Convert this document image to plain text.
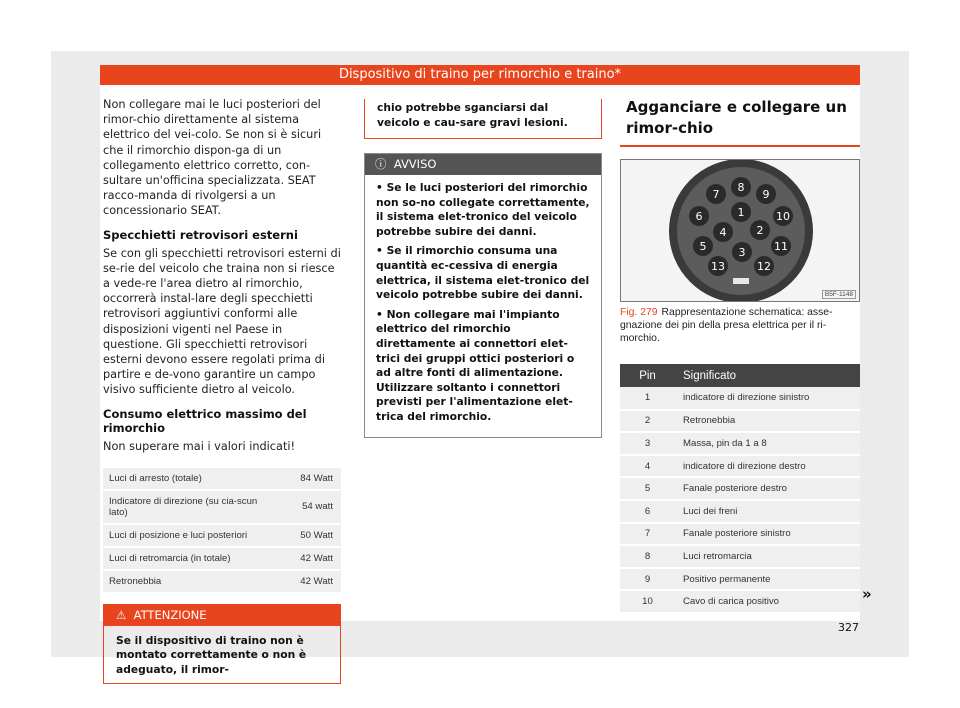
Dispositivo di traino per rimorchio e traino*

Non collegare mai le luci posteriori del rimor-chio direttamente al sistema elettrico del vei-colo. Se non si è sicuri che il rimorchio dispon-ga di un collegamento elettrico corretto, con-sultare un'officina specializzata. SEAT racco-manda di rivolgersi a un concessionario SEAT.

Specchietti retrovisori esterni

Se con gli specchietti retrovisori esterni di se-rie del veicolo che traina non si riesce a vede-re l'area dietro al rimorchio, occorrerà instal-lare degli specchietti retrovisori aggiuntivi conformi alle disposizioni vigenti nel Paese in questione. Gli specchietti retrovisori esterni devono essere regolati prima di partire e de-vono garantire un campo visivo sufficiente dietro al veicolo.

Consumo elettrico massimo del rimorchio

Non superare mai i valori indicati!

Luci di arresto (totale)	84 Watt
Indicatore di direzione (su cia-scun lato)	54 watt
Luci di posizione e luci posteriori	50 Watt
Luci di retromarcia (in totale)	42 Watt
Retronebbia	42 Watt
⚠ ATTENZIONE
Se il dispositivo di traino non è montato correttamente o non è adeguato, il rimor-
chio potrebbe sganciarsi dal veicolo e cau-sare gravi lesioni.
ⓘ AVVISO
• Se le luci posteriori del rimorchio non so-no collegate correttamente, il sistema elet-tronico del veicolo potrebbe subire dei danni.
• Se il rimorchio consuma una quantità ec-cessiva di energia elettrica, il sistema elet-tronico del veicolo potrebbe subire dei danni.
• Non collegare mai l'impianto elettrico del rimorchio direttamente ai connettori elet-trici dei gruppi ottici posteriori o ad altre fonti di alimentazione. Utilizzare soltanto i connettori previsti per l'alimentazione elet-trica del rimorchio.
Agganciare e collegare un rimor-chio
1
2
3
4
5
6
7
8
9
10
11
12
13
B5F-1148

Fig. 279 Rappresentazione schematica: asse-gnazione dei pin della presa elettrica per il ri-morchio.

Pin	Significato
1	indicatore di direzione sinistro
2	Retronebbia
3	Massa, pin da 1 a 8
4	indicatore di direzione destro
5	Fanale posteriore destro
6	Luci dei freni
7	Fanale posteriore sinistro
8	Luci retromarcia
9	Positivo permanente
10	Cavo di carica positivo	»
327
